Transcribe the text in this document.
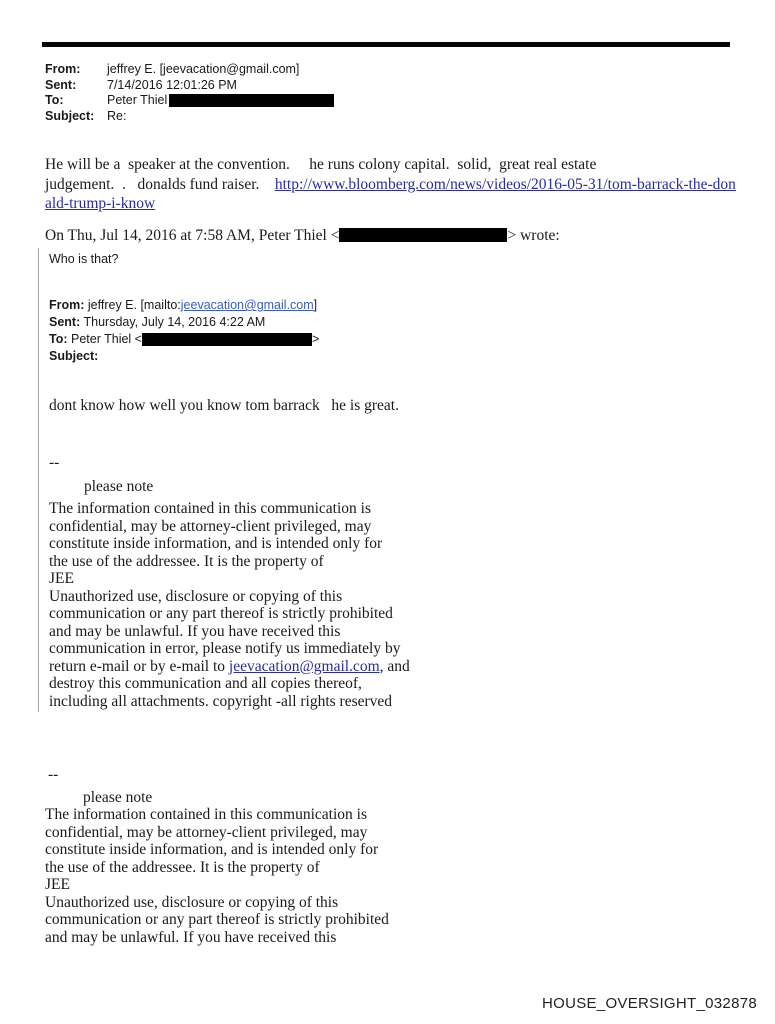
From:	jeffrey E. [jeevacation@gmail.com]
Sent:	7/14/2016 12:01:26 PM
To:	Peter Thiel
Subject:	Re:
He will be a  speaker at the convention.     he runs colony capital.  solid,  great real estate
judgement.  .   donalds fund raiser.    http://www.bloomberg.com/news/videos/2016-05-31/tom-barrack-the-donald-trump-i-know
On Thu, Jul 14, 2016 at 7:58 AM, Peter Thiel <	> wrote:
Who is that?
From: jeffrey E. [mailto:jeevacation@gmail.com]
Sent: Thursday, July 14, 2016 4:22 AM
To: Peter Thiel <	>
Subject:
dont know how well you know tom barrack   he is great.
--
please note
The information contained in this communication is
confidential, may be attorney-client privileged, may
constitute inside information, and is intended only for
the use of the addressee. It is the property of
JEE
Unauthorized use, disclosure or copying of this
communication or any part thereof is strictly prohibited
and may be unlawful. If you have received this
communication in error, please notify us immediately by
return e-mail or by e-mail to jeevacation@gmail.com, and
destroy this communication and all copies thereof,
including all attachments. copyright -all rights reserved
--
please note
The information contained in this communication is
confidential, may be attorney-client privileged, may
constitute inside information, and is intended only for
the use of the addressee. It is the property of
JEE
Unauthorized use, disclosure or copying of this
communication or any part thereof is strictly prohibited
and may be unlawful. If you have received this
HOUSE_OVERSIGHT_032878
